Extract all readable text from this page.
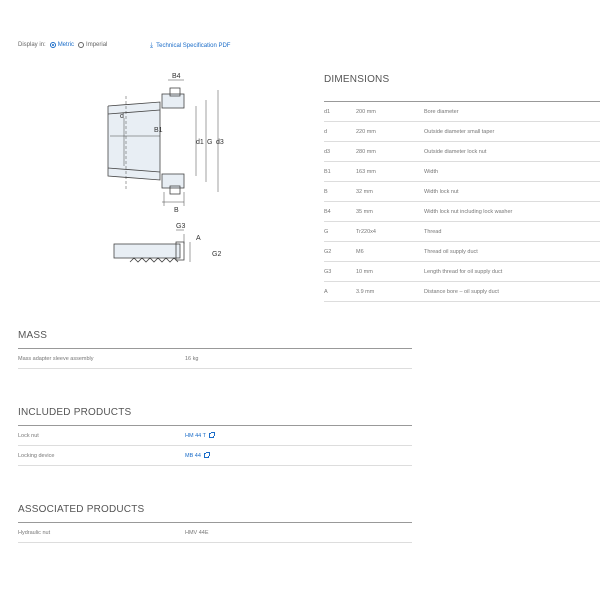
Display in: Metric Imperial	⤓ Technical Specification PDF
B4
d
B1
d1 G d3
B
G3
A
G2
DIMENSIONS
d1	200 mm	Bore diameter
d	220 mm	Outside diameter small taper
d3	280 mm	Outside diameter lock nut
B1	163 mm	Width
B	32 mm	Width lock nut
B4	35 mm	Width lock nut including lock washer
G	Tr220x4	Thread
G2	M6	Thread oil supply duct
G3	10 mm	Length thread for oil supply duct
A	3.9 mm	Distance bore – oil supply duct
MASS
Mass adapter sleeve assembly	16 kg
INCLUDED PRODUCTS
Lock nut	HM 44 T
Locking device	MB 44
ASSOCIATED PRODUCTS
Hydraulic nut	HMV 44E
